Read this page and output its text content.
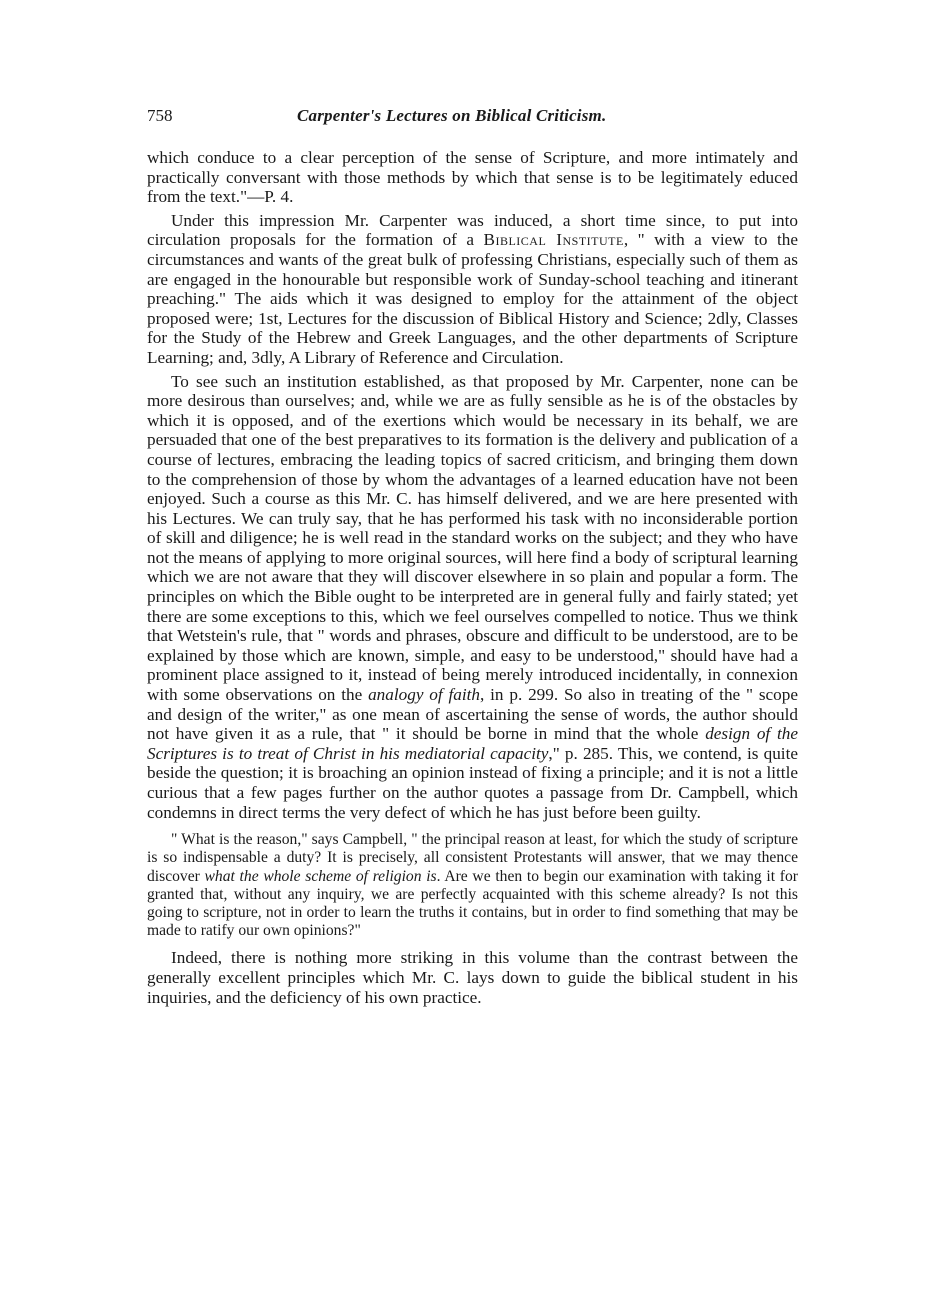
758	Carpenter's Lectures on Biblical Criticism.

which conduce to a clear perception of the sense of Scripture, and more intimately and practically conversant with those methods by which that sense is to be legitimately educed from the text."—P. 4.

Under this impression Mr. Carpenter was induced, a short time since, to put into circulation proposals for the formation of a Biblical Institute, " with a view to the circumstances and wants of the great bulk of professing Christians, especially such of them as are engaged in the honourable but responsible work of Sunday-school teaching and itinerant preaching." The aids which it was designed to employ for the attainment of the object proposed were; 1st, Lectures for the discussion of Biblical History and Science; 2dly, Classes for the Study of the Hebrew and Greek Languages, and the other departments of Scripture Learning; and, 3dly, A Library of Reference and Circulation.

To see such an institution established, as that proposed by Mr. Carpenter, none can be more desirous than ourselves; and, while we are as fully sensible as he is of the obstacles by which it is opposed, and of the exertions which would be necessary in its behalf, we are persuaded that one of the best preparatives to its formation is the delivery and publication of a course of lectures, embracing the leading topics of sacred criticism, and bringing them down to the comprehension of those by whom the advantages of a learned education have not been enjoyed. Such a course as this Mr. C. has himself delivered, and we are here presented with his Lectures. We can truly say, that he has performed his task with no inconsiderable portion of skill and diligence; he is well read in the standard works on the subject; and they who have not the means of applying to more original sources, will here find a body of scriptural learning which we are not aware that they will discover elsewhere in so plain and popular a form. The principles on which the Bible ought to be interpreted are in general fully and fairly stated; yet there are some exceptions to this, which we feel ourselves compelled to notice. Thus we think that Wetstein's rule, that " words and phrases, obscure and difficult to be understood, are to be explained by those which are known, simple, and easy to be understood," should have had a prominent place assigned to it, instead of being merely introduced incidentally, in connexion with some observations on the analogy of faith, in p. 299. So also in treating of the " scope and design of the writer," as one mean of ascertaining the sense of words, the author should not have given it as a rule, that " it should be borne in mind that the whole design of the Scriptures is to treat of Christ in his mediatorial capacity," p. 285. This, we contend, is quite beside the question; it is broaching an opinion instead of fixing a principle; and it is not a little curious that a few pages further on the author quotes a passage from Dr. Campbell, which condemns in direct terms the very defect of which he has just before been guilty.

" What is the reason," says Campbell, " the principal reason at least, for which the study of scripture is so indispensable a duty? It is precisely, all consistent Protestants will answer, that we may thence discover what the whole scheme of religion is. Are we then to begin our examination with taking it for granted that, without any inquiry, we are perfectly acquainted with this scheme already? Is not this going to scripture, not in order to learn the truths it contains, but in order to find something that may be made to ratify our own opinions?"

Indeed, there is nothing more striking in this volume than the contrast between the generally excellent principles which Mr. C. lays down to guide the biblical student in his inquiries, and the deficiency of his own practice.
